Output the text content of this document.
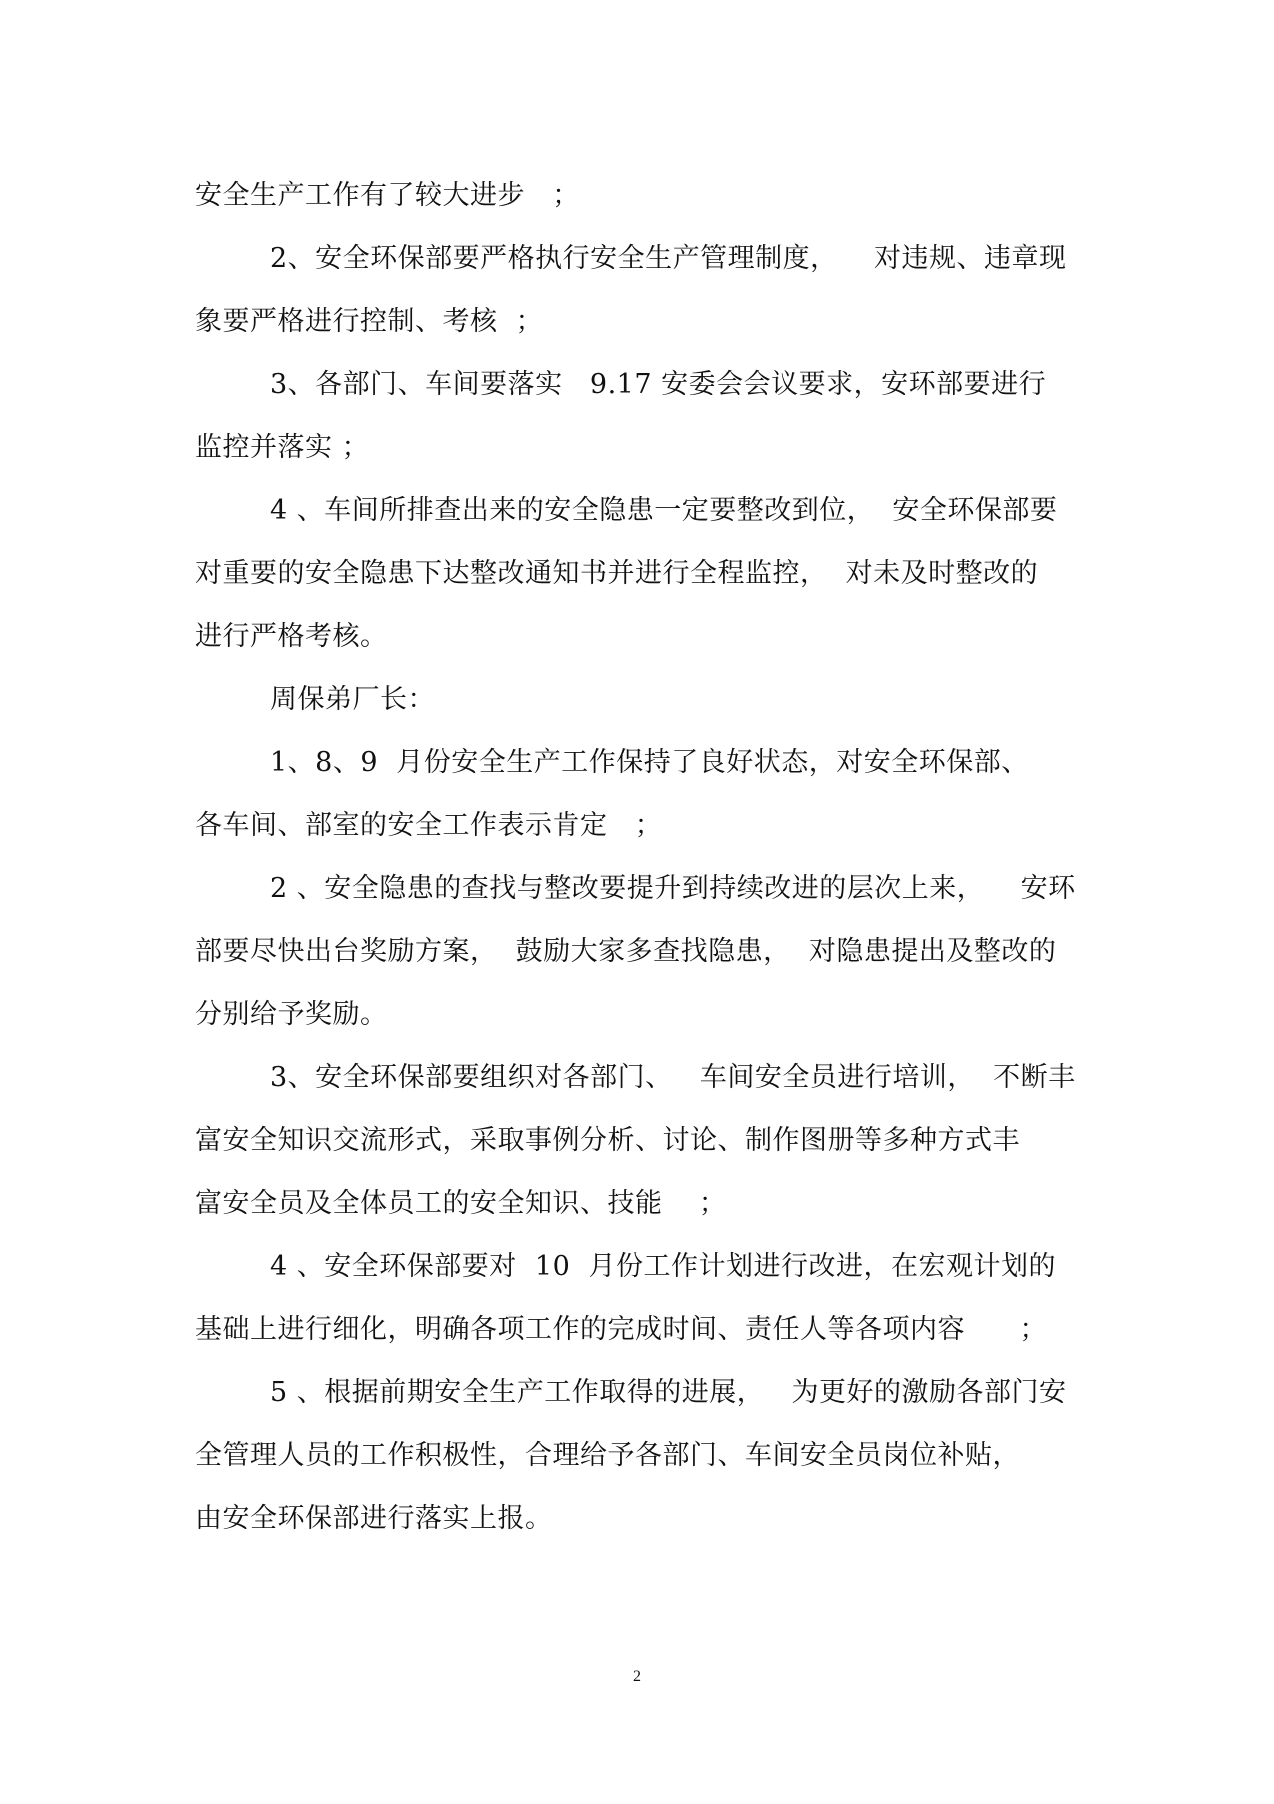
安全生产工作有了较大进步   ；
2、安全环保部要严格执行安全生产管理制度，    对违规、违章现
象要严格进行控制、考核  ；
3、各部门、车间要落实   9.17 安委会会议要求，安环部要进行
监控并落实 ；
4 、车间所排查出来的安全隐患一定要整改到位，  安全环保部要
对重要的安全隐患下达整改通知书并进行全程监控，  对未及时整改的
进行严格考核。
周保弟厂长：
1、8、9  月份安全生产工作保持了良好状态，对安全环保部、
各车间、部室的安全工作表示肯定   ；
2 、安全隐患的查找与整改要提升到持续改进的层次上来，    安环
部要尽快出台奖励方案，  鼓励大家多查找隐患，  对隐患提出及整改的
分别给予奖励。
3、安全环保部要组织对各部门、   车间安全员进行培训，  不断丰
富安全知识交流形式，采取事例分析、讨论、制作图册等多种方式丰
富安全员及全体员工的安全知识、技能    ；
4 、安全环保部要对  10  月份工作计划进行改进，在宏观计划的
基础上进行细化，明确各项工作的完成时间、责任人等各项内容      ；
5 、根据前期安全生产工作取得的进展，   为更好的激励各部门安
全管理人员的工作积极性，合理给予各部门、车间安全员岗位补贴，
由安全环保部进行落实上报。
2
